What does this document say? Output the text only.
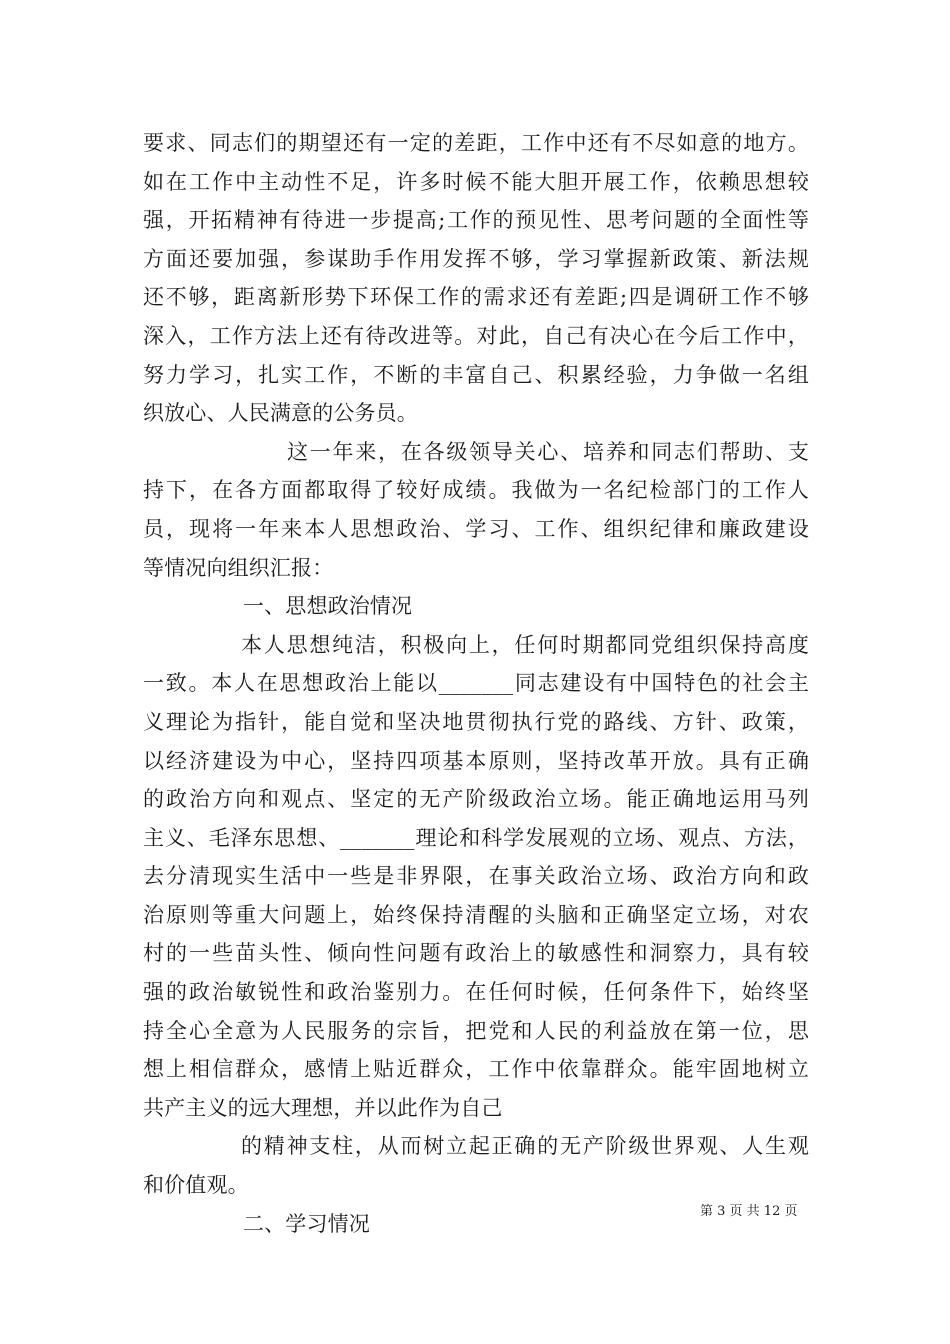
要求、同志们的期望还有一定的差距，工作中还有不尽如意的地方。
如在工作中主动性不足，许多时候不能大胆开展工作，依赖思想较
强，开拓精神有待进一步提高;工作的预见性、思考问题的全面性等
方面还要加强，参谋助手作用发挥不够，学习掌握新政策、新法规
还不够，距离新形势下环保工作的需求还有差距;四是调研工作不够
深入，工作方法上还有待改进等。对此，自己有决心在今后工作中，
努力学习，扎实工作，不断的丰富自己、积累经验，力争做一名组
织放心、人民满意的公务员。
这一年来，在各级领导关心、培养和同志们帮助、支
持下，在各方面都取得了较好成绩。我做为一名纪检部门的工作人
员，现将一年来本人思想政治、学习、工作、组织纪律和廉政建设
等情况向组织汇报：
一、思想政治情况
本人思想纯洁，积极向上，任何时期都同党组织保持高度
一致。本人在思想政治上能以_______同志建设有中国特色的社会主
义理论为指针，能自觉和坚决地贯彻执行党的路线、方针、政策，
以经济建设为中心，坚持四项基本原则，坚持改革开放。具有正确
的政治方向和观点、坚定的无产阶级政治立场。能正确地运用马列
主义、毛泽东思想、_______理论和科学发展观的立场、观点、方法，
去分清现实生活中一些是非界限，在事关政治立场、政治方向和政
治原则等重大问题上，始终保持清醒的头脑和正确坚定立场，对农
村的一些苗头性、倾向性问题有政治上的敏感性和洞察力，具有较
强的政治敏锐性和政治鉴别力。在任何时候，任何条件下，始终坚
持全心全意为人民服务的宗旨，把党和人民的利益放在第一位，思
想上相信群众，感情上贴近群众，工作中依靠群众。能牢固地树立
共产主义的远大理想，并以此作为自己
的精神支柱，从而树立起正确的无产阶级世界观、人生观
和价值观。
二、学习情况
第 3 页 共 12 页
